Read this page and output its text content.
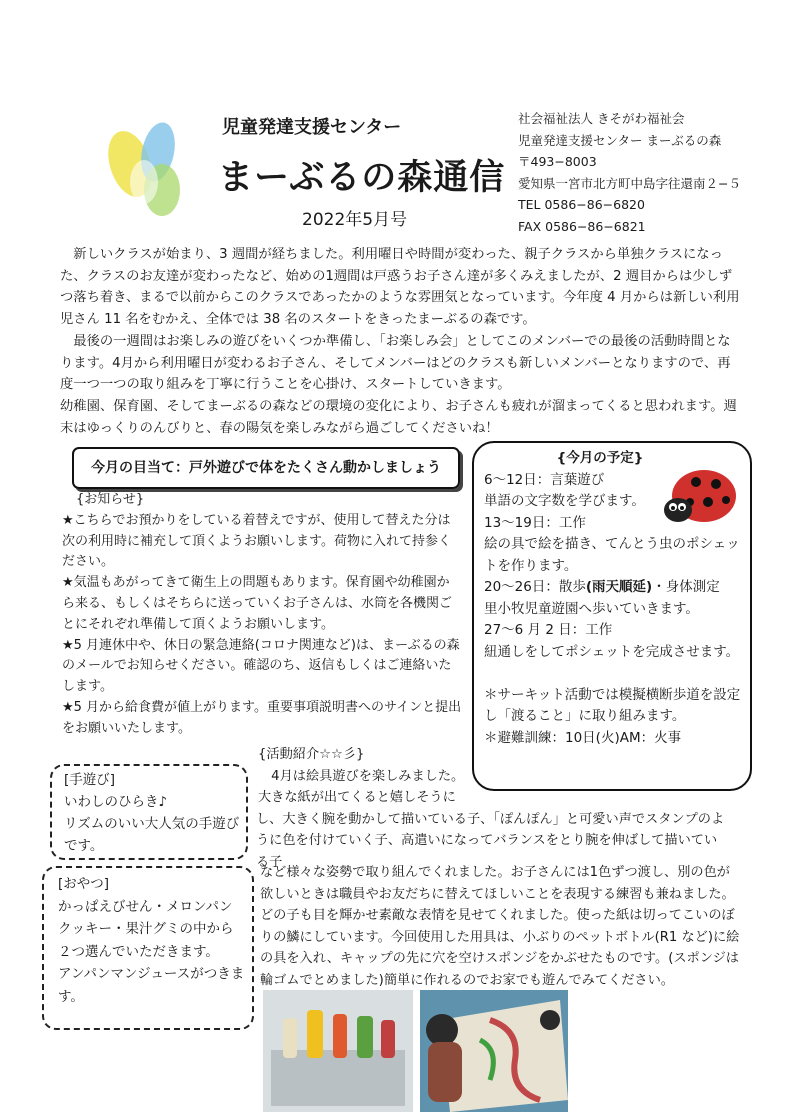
児童発達支援センター
まーぶるの森通信
2022年5月号
社会福祉法人 きそがわ福祉会
児童発達支援センター まーぶるの森
〒493−8003
愛知県一宮市北方町中島字往還南２−５
TEL 0586−86−6820
FAX 0586−86−6821

　新しいクラスが始まり、3 週間が経ちました。利用曜日や時間が変わった、親子クラスから単独クラスになった、クラスのお友達が変わったなど、始めの1週間は戸惑うお子さん達が多くみえましたが、2 週目からは少しずつ落ち着き、まるで以前からこのクラスであったかのような雰囲気となっています。今年度 4 月からは新しい利用児さん 11 名をむかえ、全体では 38 名のスタートをきったまーぶるの森です。

　最後の一週間はお楽しみの遊びをいくつか準備し、「お楽しみ会」としてこのメンバーでの最後の活動時間となります。4月から利用曜日が変わるお子さん、そしてメンバーはどのクラスも新しいメンバーとなりますので、再度一つ一つの取り組みを丁寧に行うことを心掛け、スタートしていきます。

幼稚園、保育園、そしてまーぶるの森などの環境の変化により、お子さんも疲れが溜まってくると思われます。週末はゆっくりのんびりと、春の陽気を楽しみながら過ごしてくださいね！

今月の目当て：戸外遊びで体をたくさん動かしましょう

{お知らせ}

★こちらでお預かりをしている着替えですが、使用して替えた分は次の利用時に補充して頂くようお願いします。荷物に入れて持参ください。

★気温もあがってきて衛生上の問題もあります。保育園や幼稚園から来る、もしくはそちらに送っていくお子さんは、水筒を各機関ごとにそれぞれ準備して頂くようお願いします。

★5 月連休中や、休日の緊急連絡(コロナ関連など)は、まーぶるの森のメールでお知らせください。確認のち、返信もしくはご連絡いたします。

★5 月から給食費が値上がります。重要事項説明書へのサインと提出をお願いいたします。

{今月の予定}

6〜12日：言葉遊び

単語の文字数を学びます。

13〜19日：工作

絵の具で絵を描き、てんとう虫のポシェットを作ります。

20〜26日：散歩(雨天順延)・身体測定

里小牧児童遊園へ歩いていきます。

27〜6 月 2 日：工作

紐通しをしてポシェットを完成させます。

＊サーキット活動では模擬横断歩道を設定し「渡ること」に取り組みます。

＊避難訓練：10日(火)AM：火事

{活動紹介☆☆彡}

　4月は絵具遊びを楽しみました。

大きな紙が出てくると嬉しそうに

し、大きく腕を動かして描いている子、「ぽんぽん」と可愛い声でスタンプのように色を付けていく子、高遣いになってバランスをとり腕を伸ばして描いている子

など様々な姿勢で取り組んでくれました。お子さんには1色ずつ渡し、別の色が欲しいときは職員やお友だちに替えてほしいことを表現する練習も兼ねました。どの子も目を輝かせ素敵な表情を見せてくれました。使った紙は切ってこいのぼりの鱗にしています。今回使用した用具は、小ぶりのペットボトル(R1 など)に絵の具を入れ、キャップの先に穴を空けスポンジをかぶせたものです。(スポンジは輪ゴムでとめました)簡単に作れるのでお家でも遊んでみてください。

[手遊び]

いわしのひらき♪

リズムのいい大人気の手遊びです。

[おやつ]

かっぱえびせん・メロンパン

クッキー・果汁グミの中から

２つ選んでいただきます。

アンパンマンジュースがつきます。
